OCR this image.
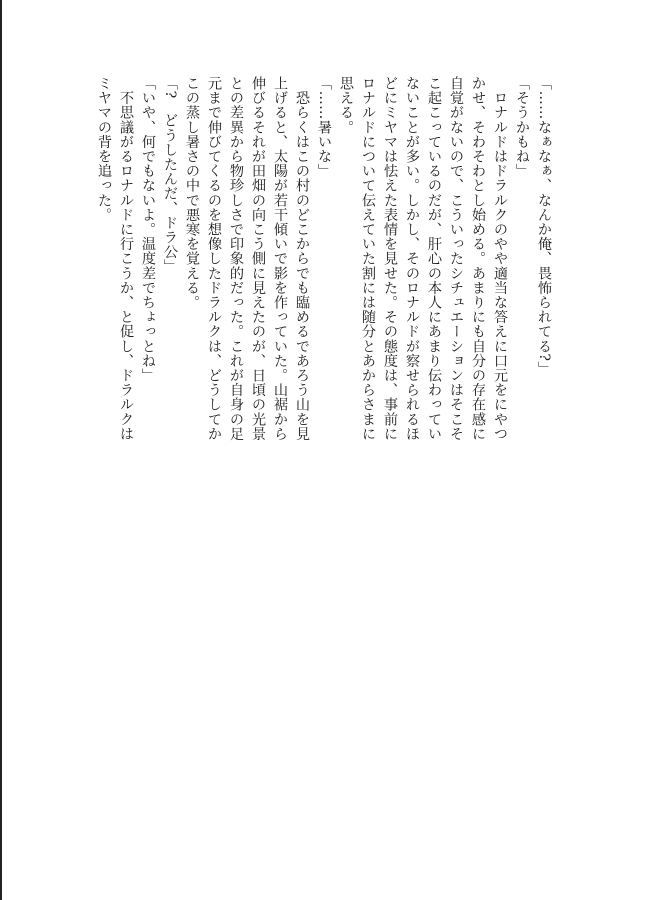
「……なぁなぁ、なんか俺、畏怖られてる?」

「そうかもね」

　ロナルドはドラルクのやや適当な答えに口元をにやつ

かせ、そわそわとし始める。あまりにも自分の存在感に

自覚がないので、こういったシチュエーションはそこそ

こ起こっているのだが、肝心の本人にあまり伝わってい

ないことが多い。しかし、そのロナルドが察せられるほ

どにミヤマは怯えた表情を見せた。その態度は、事前に

ロナルドについて伝えていた割には随分とあからさまに

思える。

「……暑いな」

　恐らくはこの村のどこからでも臨めるであろう山を見

上げると、太陽が若干傾いで影を作っていた。山裾から

伸びるそれが田畑の向こう側に見えたのが、日頃の光景

との差異から物珍しさで印象的だった。これが自身の足

元まで伸びてくるのを想像したドラルクは、どうしてか

この蒸し暑さの中で悪寒を覚える。

「?　どうしたんだ、ドラ公」

「いや、何でもないよ。温度差でちょっとね」

　不思議がるロナルドに行こうか、と促し、ドラルクは

ミヤマの背を追った。
